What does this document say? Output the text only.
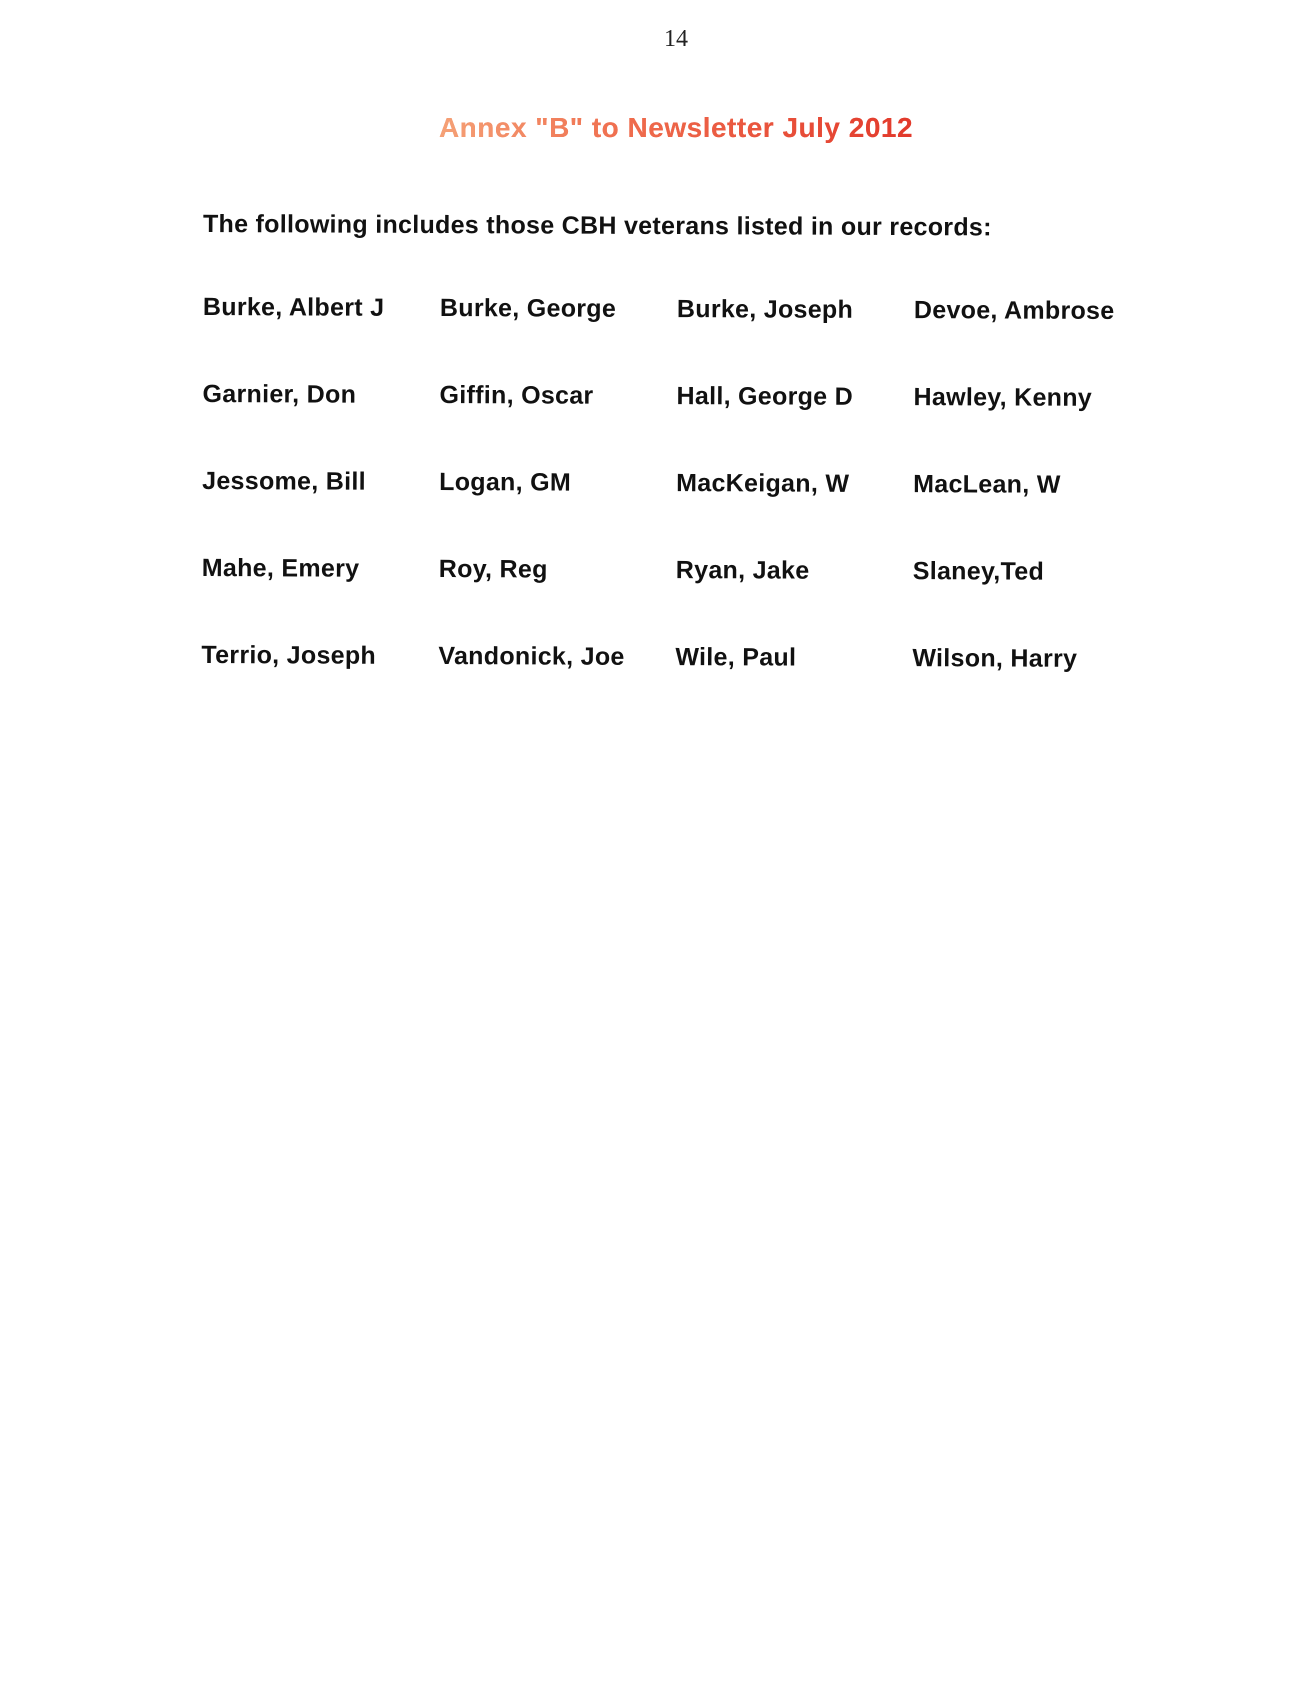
14
Annex "B" to Newsletter July 2012
The following includes those CBH veterans listed in our records:
Burke, Albert J	Burke, George	Burke, Joseph	Devoe, Ambrose
Garnier, Don	Giffin, Oscar	Hall, George D	Hawley, Kenny
Jessome, Bill	Logan, GM	MacKeigan, W	MacLean, W
Mahe, Emery	Roy, Reg	Ryan, Jake	Slaney,Ted
Terrio, Joseph	Vandonick, Joe	Wile, Paul	Wilson, Harry
